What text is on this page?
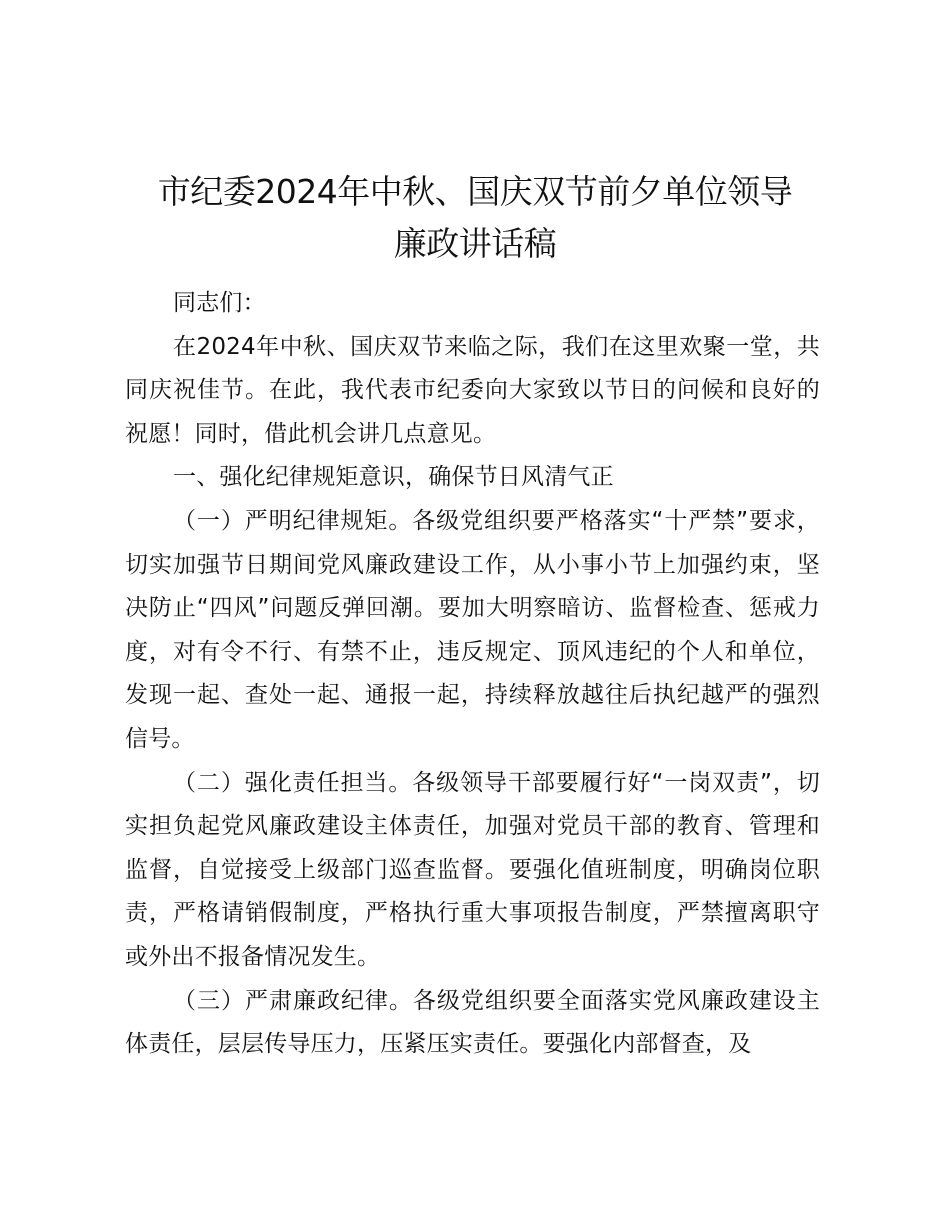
市纪委2024年中秋、国庆双节前夕单位领导
廉政讲话稿

同志们：

在2024年中秋、国庆双节来临之际，我们在这里欢聚一堂，共同庆祝佳节。在此，我代表市纪委向大家致以节日的问候和良好的祝愿！同时，借此机会讲几点意见。

一、强化纪律规矩意识，确保节日风清气正

（一）严明纪律规矩。各级党组织要严格落实“十严禁”要求，切实加强节日期间党风廉政建设工作，从小事小节上加强约束，坚决防止“四风”问题反弹回潮。要加大明察暗访、监督检查、惩戒力度，对有令不行、有禁不止，违反规定、顶风违纪的个人和单位，发现一起、查处一起、通报一起，持续释放越往后执纪越严的强烈信号。

（二）强化责任担当。各级领导干部要履行好“一岗双责”，切实担负起党风廉政建设主体责任，加强对党员干部的教育、管理和监督，自觉接受上级部门巡查监督。要强化值班制度，明确岗位职责，严格请销假制度，严格执行重大事项报告制度，严禁擅离职守或外出不报备情况发生。

（三）严肃廉政纪律。各级党组织要全面落实党风廉政建设主体责任，层层传导压力，压紧压实责任。要强化内部督查，及
